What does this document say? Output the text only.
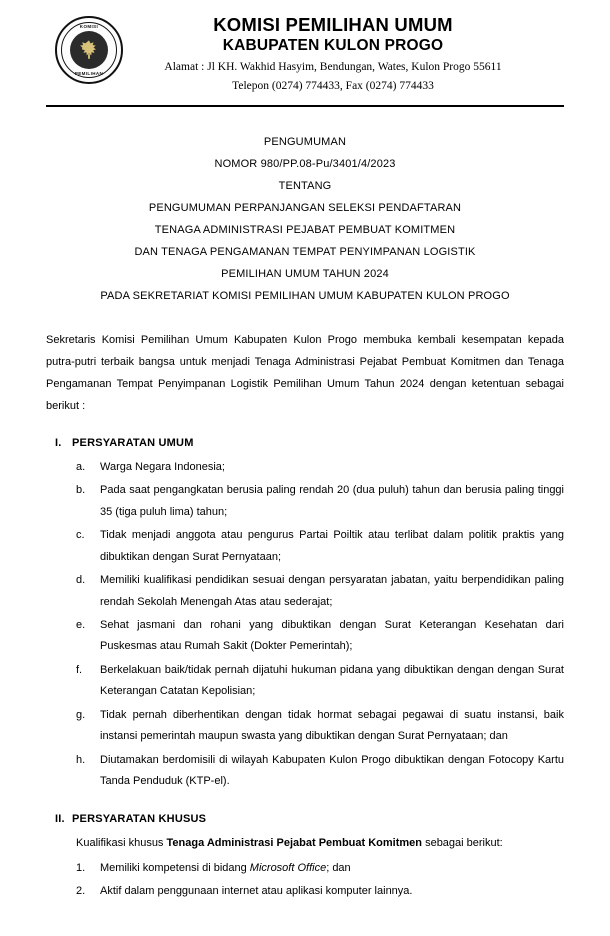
KOMISI
PEMILIHAN
KOMISI PEMILIHAN UMUM
KABUPATEN KULON PROGO
Alamat : Jl KH. Wakhid Hasyim, Bendungan, Wates, Kulon Progo 55611
Telepon (0274) 774433, Fax (0274) 774433
PENGUMUMAN
NOMOR 980/PP.08-Pu/3401/4/2023
TENTANG
PENGUMUMAN PERPANJANGAN SELEKSI PENDAFTARAN
TENAGA ADMINISTRASI PEJABAT PEMBUAT KOMITMEN
DAN TENAGA PENGAMANAN TEMPAT PENYIMPANAN LOGISTIK
PEMILIHAN UMUM TAHUN 2024
PADA SEKRETARIAT KOMISI PEMILIHAN UMUM KABUPATEN KULON PROGO
Sekretaris Komisi Pemilihan Umum Kabupaten Kulon Progo membuka kembali kesempatan kepada putra-putri terbaik bangsa untuk menjadi Tenaga Administrasi Pejabat Pembuat Komitmen dan Tenaga Pengamanan Tempat Penyimpanan Logistik Pemilihan Umum Tahun 2024 dengan ketentuan sebagai berikut :
I. PERSYARATAN UMUM
a.	Warga Negara Indonesia;
b.	Pada saat pengangkatan berusia paling rendah 20 (dua puluh) tahun dan berusia paling tinggi 35 (tiga puluh lima) tahun;
c.	Tidak menjadi anggota atau pengurus Partai Poiltik atau terlibat dalam politik praktis yang dibuktikan dengan Surat Pernyataan;
d.	Memiliki kualifikasi pendidikan sesuai dengan persyaratan jabatan, yaitu berpendidikan paling rendah Sekolah Menengah Atas atau sederajat;
e.	Sehat jasmani dan rohani yang dibuktikan dengan Surat Keterangan Kesehatan dari Puskesmas atau Rumah Sakit (Dokter Pemerintah);
f.	Berkelakuan baik/tidak pernah dijatuhi hukuman pidana yang dibuktikan dengan dengan Surat Keterangan Catatan Kepolisian;
g.	Tidak pernah diberhentikan dengan tidak hormat sebagai pegawai di suatu instansi, baik instansi pemerintah maupun swasta yang dibuktikan dengan Surat Pernyataan; dan
h.	Diutamakan berdomisili di wilayah Kabupaten Kulon Progo dibuktikan dengan Fotocopy Kartu Tanda Penduduk (KTP-el).
II. PERSYARATAN KHUSUS
Kualifikasi khusus Tenaga Administrasi Pejabat Pembuat Komitmen sebagai berikut:
1.	Memiliki kompetensi di bidang Microsoft Office; dan
2.	Aktif dalam penggunaan internet atau aplikasi komputer lainnya.
